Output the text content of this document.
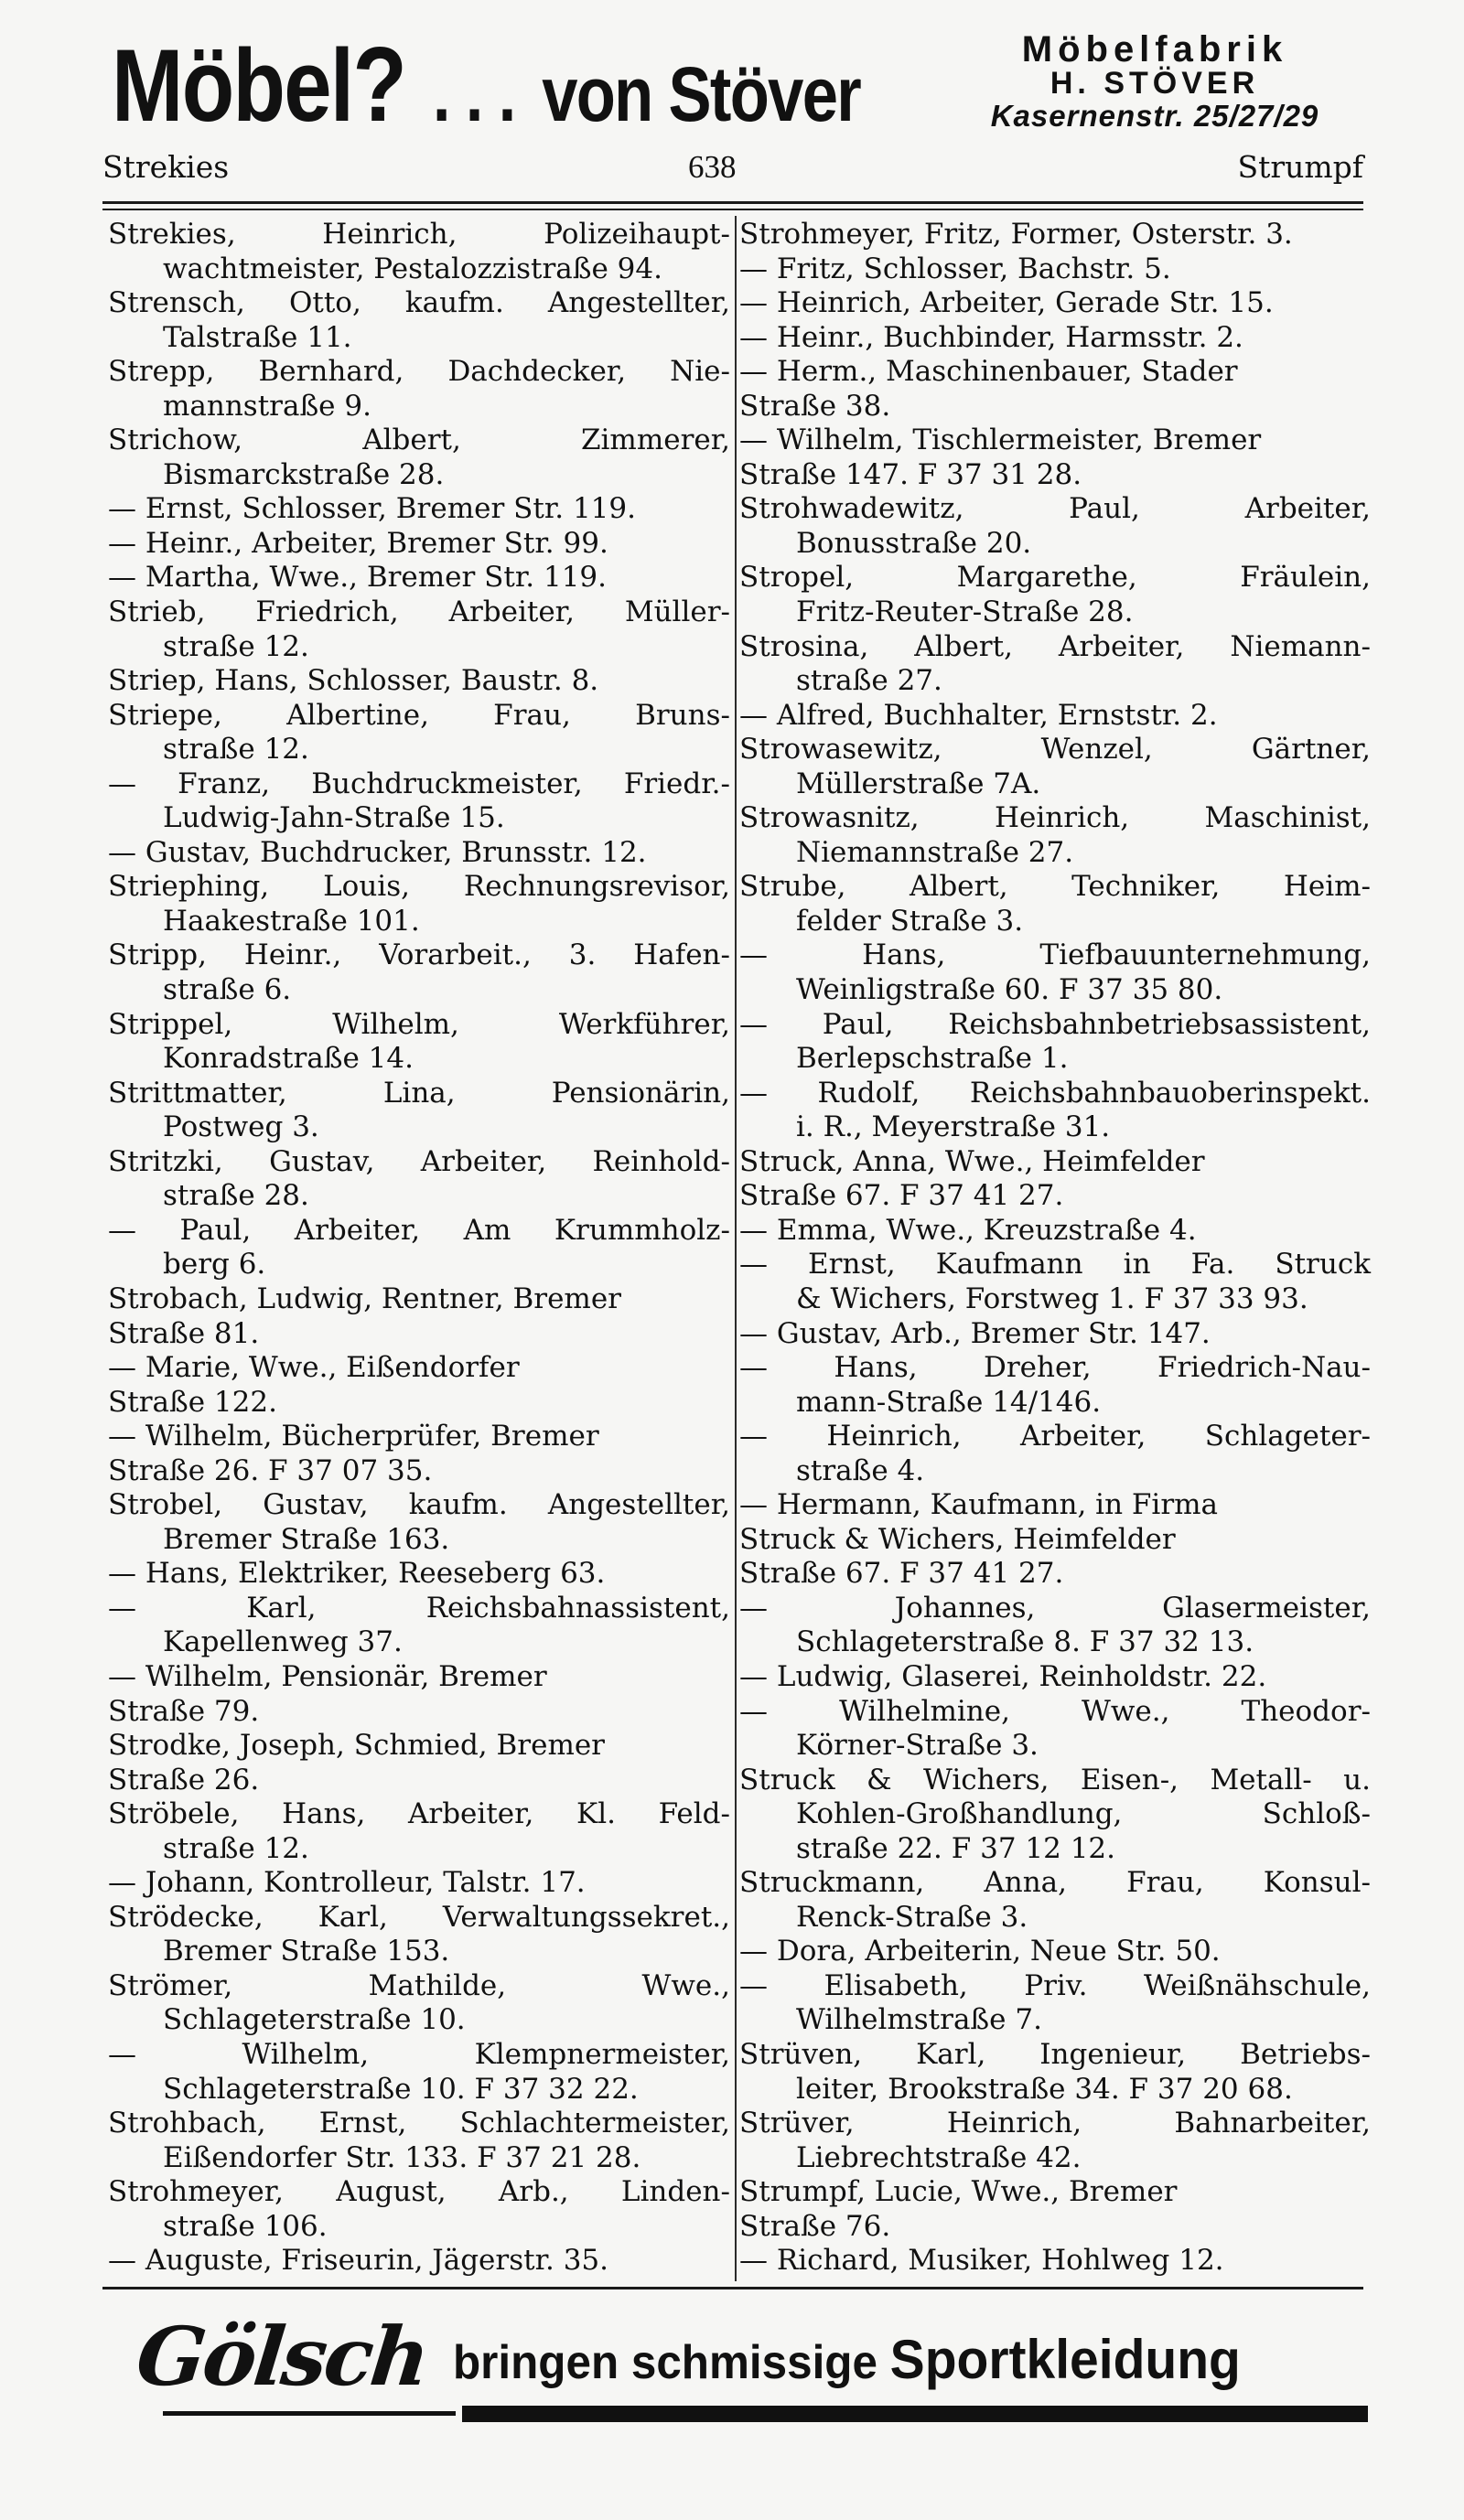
Möbel? . . . von Stöver
Möbelfabrik
H. STÖVER
Kasernenstr. 25/27/29
Strekies	638	Strumpf
Strekies, Heinrich, Polizeihaupt-
wachtmeister, Pestalozzistraße 94.
Strensch, Otto, kaufm. Angestellter,
Talstraße 11.
Strepp, Bernhard, Dachdecker, Nie-
mannstraße 9.
Strichow, Albert, Zimmerer,
Bismarckstraße 28.
— Ernst, Schlosser, Bremer Str. 119.
— Heinr., Arbeiter, Bremer Str. 99.
— Martha, Wwe., Bremer Str. 119.
Strieb, Friedrich, Arbeiter, Müller-
straße 12.
Striep, Hans, Schlosser, Baustr. 8.
Striepe, Albertine, Frau, Bruns-
straße 12.
— Franz, Buchdruckmeister, Friedr.-
Ludwig-Jahn-Straße 15.
— Gustav, Buchdrucker, Brunsstr. 12.
Striephing, Louis, Rechnungsrevisor,
Haakestraße 101.
Stripp, Heinr., Vorarbeit., 3. Hafen-
straße 6.
Strippel, Wilhelm, Werkführer,
Konradstraße 14.
Strittmatter, Lina, Pensionärin,
Postweg 3.
Stritzki, Gustav, Arbeiter, Reinhold-
straße 28.
— Paul, Arbeiter, Am Krummholz-
berg 6.
Strobach, Ludwig, Rentner, Bremer
Straße 81.
— Marie, Wwe., Eißendorfer
Straße 122.
— Wilhelm, Bücherprüfer, Bremer
Straße 26. F 37 07 35.
Strobel, Gustav, kaufm. Angestellter,
Bremer Straße 163.
— Hans, Elektriker, Reeseberg 63.
— Karl, Reichsbahnassistent,
Kapellenweg 37.
— Wilhelm, Pensionär, Bremer
Straße 79.
Strodke, Joseph, Schmied, Bremer
Straße 26.
Ströbele, Hans, Arbeiter, Kl. Feld-
straße 12.
— Johann, Kontrolleur, Talstr. 17.
Strödecke, Karl, Verwaltungssekret.,
Bremer Straße 153.
Strömer, Mathilde, Wwe.,
Schlageterstraße 10.
— Wilhelm, Klempnermeister,
Schlageterstraße 10. F 37 32 22.
Strohbach, Ernst, Schlachtermeister,
Eißendorfer Str. 133. F 37 21 28.
Strohmeyer, August, Arb., Linden-
straße 106.
— Auguste, Friseurin, Jägerstr. 35.
Strohmeyer, Fritz, Former, Osterstr. 3.
— Fritz, Schlosser, Bachstr. 5.
— Heinrich, Arbeiter, Gerade Str. 15.
— Heinr., Buchbinder, Harmsstr. 2.
— Herm., Maschinenbauer, Stader
Straße 38.
— Wilhelm, Tischlermeister, Bremer
Straße 147. F 37 31 28.
Strohwadewitz, Paul, Arbeiter,
Bonusstraße 20.
Stropel, Margarethe, Fräulein,
Fritz-Reuter-Straße 28.
Strosina, Albert, Arbeiter, Niemann-
straße 27.
— Alfred, Buchhalter, Ernststr. 2.
Strowasewitz, Wenzel, Gärtner,
Müllerstraße 7A.
Strowasnitz, Heinrich, Maschinist,
Niemannstraße 27.
Strube, Albert, Techniker, Heim-
felder Straße 3.
— Hans, Tiefbauunternehmung,
Weinligstraße 60. F 37 35 80.
— Paul, Reichsbahnbetriebsassistent,
Berlepschstraße 1.
— Rudolf, Reichsbahnbauoberinspekt.
i. R., Meyerstraße 31.
Struck, Anna, Wwe., Heimfelder
Straße 67. F 37 41 27.
— Emma, Wwe., Kreuzstraße 4.
— Ernst, Kaufmann in Fa. Struck
& Wichers, Forstweg 1. F 37 33 93.
— Gustav, Arb., Bremer Str. 147.
— Hans, Dreher, Friedrich-Nau-
mann-Straße 14/146.
— Heinrich, Arbeiter, Schlageter-
straße 4.
— Hermann, Kaufmann, in Firma
Struck & Wichers, Heimfelder
Straße 67. F 37 41 27.
— Johannes, Glasermeister,
Schlageterstraße 8. F 37 32 13.
— Ludwig, Glaserei, Reinholdstr. 22.
— Wilhelmine, Wwe., Theodor-
Körner-Straße 3.
Struck & Wichers, Eisen-, Metall- u.
Kohlen-Großhandlung, Schloß-
straße 22. F 37 12 12.
Struckmann, Anna, Frau, Konsul-
Renck-Straße 3.
— Dora, Arbeiterin, Neue Str. 50.
— Elisabeth, Priv. Weißnähschule,
Wilhelmstraße 7.
Strüven, Karl, Ingenieur, Betriebs-
leiter, Brookstraße 34. F 37 20 68.
Strüver, Heinrich, Bahnarbeiter,
Liebrechtstraße 42.
Strumpf, Lucie, Wwe., Bremer
Straße 76.
— Richard, Musiker, Hohlweg 12.
Gölsch bringen schmissige Sportkleidung
